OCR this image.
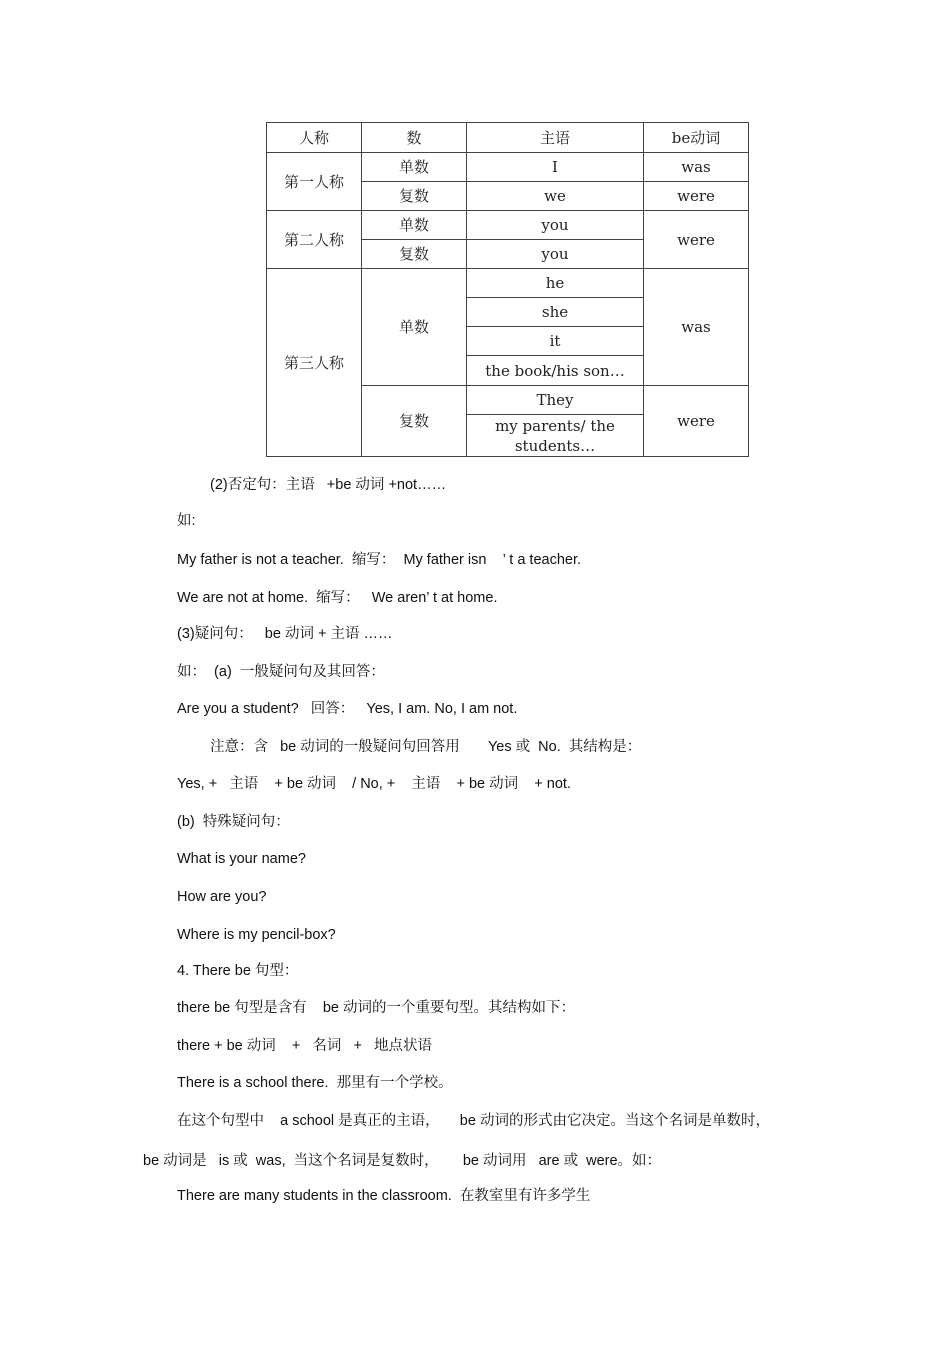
人称	数	主语	be动词
第一人称	单数	I	was
	复数	we	were
第二人称	单数	you	were
	复数	you	
第三人称	单数	he	was
		she	
		it	
		the book/his son…	
	复数	They	were
		my parents/ the students…	
(2)否定句：主语   +be 动词 +not……
如:
My father is not a teacher.  缩写：  My father isn    ’ t a teacher.
We are not at home.  缩写：   We aren’ t at home.
(3)疑问句：   be 动词 + 主语 ……
如：  (a)  一般疑问句及其回答：
Are you a student?   回答：   Yes, I am. No, I am not.
注意：含   be 动词的一般疑问句回答用       Yes 或  No.  其结构是：
Yes, +   主语    + be 动词    / No, +    主语    + be 动词    + not.
(b)  特殊疑问句：
What is your name?
How are you?
Where is my pencil-box?
4. There be 句型：
there be 句型是含有    be 动词的一个重要句型。其结构如下：
there + be 动词    +   名词   +   地点状语
There is a school there.  那里有一个学校。
在这个句型中    a school 是真正的主语，     be 动词的形式由它决定。当这个名词是单数时，
be 动词是   is 或  was,  当这个名词是复数时，      be 动词用   are 或  were。如：
There are many students in the classroom.  在教室里有许多学生
